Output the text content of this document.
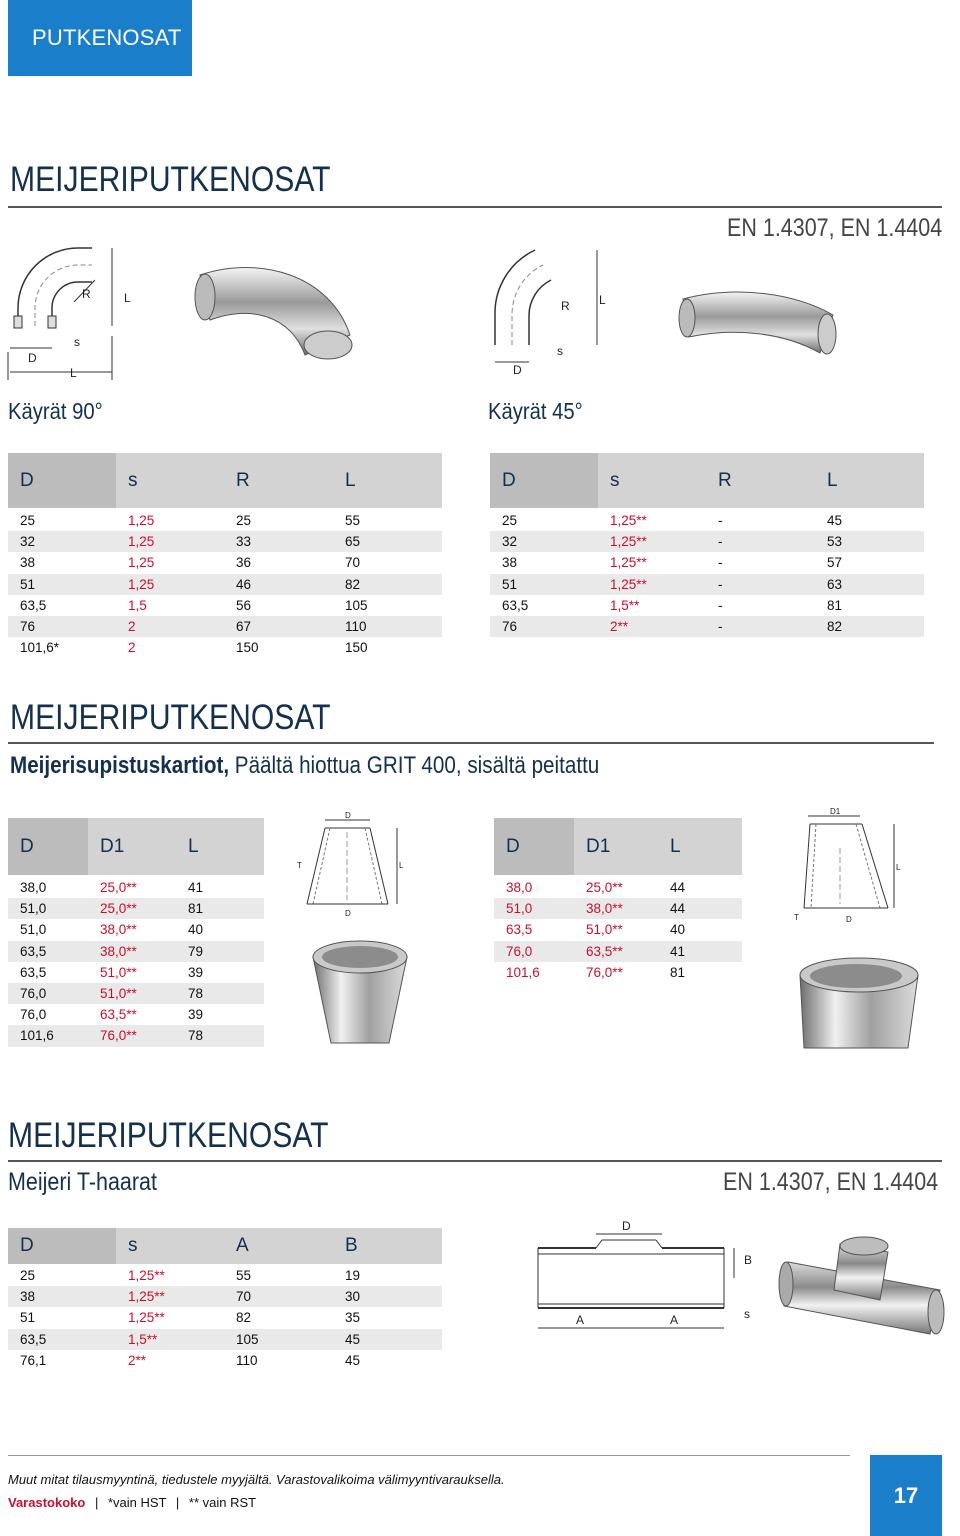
PUTKENOSAT
MEIJERIPUTKENOSAT
EN 1.4307, EN 1.4404
R	L
s
D
L
Käyrät 90°
R L
s
D
Käyrät 45°
D	s	R	L
25	1,25	25	55
32	1,25	33	65
38	1,25	36	70
51	1,25	46	82
63,5	1,5	56	105
76	2	67	110
101,6*	2	150	150
D	s	R	L
25	1,25**	-	45
32	1,25**	-	53
38	1,25**	-	57
51	1,25**	-	63
63,5	1,5**	-	81
76	2**	-	82
MEIJERIPUTKENOSAT
Meijerisupistuskartiot, Päältä hiottua GRIT 400, sisältä peitattu
D	D1	L
38,0	25,0**	41
51,0	25,0**	81
51,0	38,0**	40
63,5	38,0**	79
63,5	51,0**	39
76,0	51,0**	78
76,0	63,5**	39
101,6	76,0**	78
D
T	L
D
D	D1	L
38,0	25,0**	44
51,0	38,0**	44
63,5	51,0**	40
76,0	63,5**	41
101,6	76,0**	81
D1
L
T	D
MEIJERIPUTKENOSAT
Meijeri T-haarat	EN 1.4307, EN 1.4404
D	s	A	B
25	1,25**	55	19
38	1,25**	70	30
51	1,25**	82	35
63,5	1,5**	105	45
76,1	2**	110	45
D
B
s
A	A
Muut mitat tilausmyyntinä, tiedustele myyjältä. Varastovalikoima välimyyntivarauksella.
Varastokoko | *vain HST | ** vain RST	17
